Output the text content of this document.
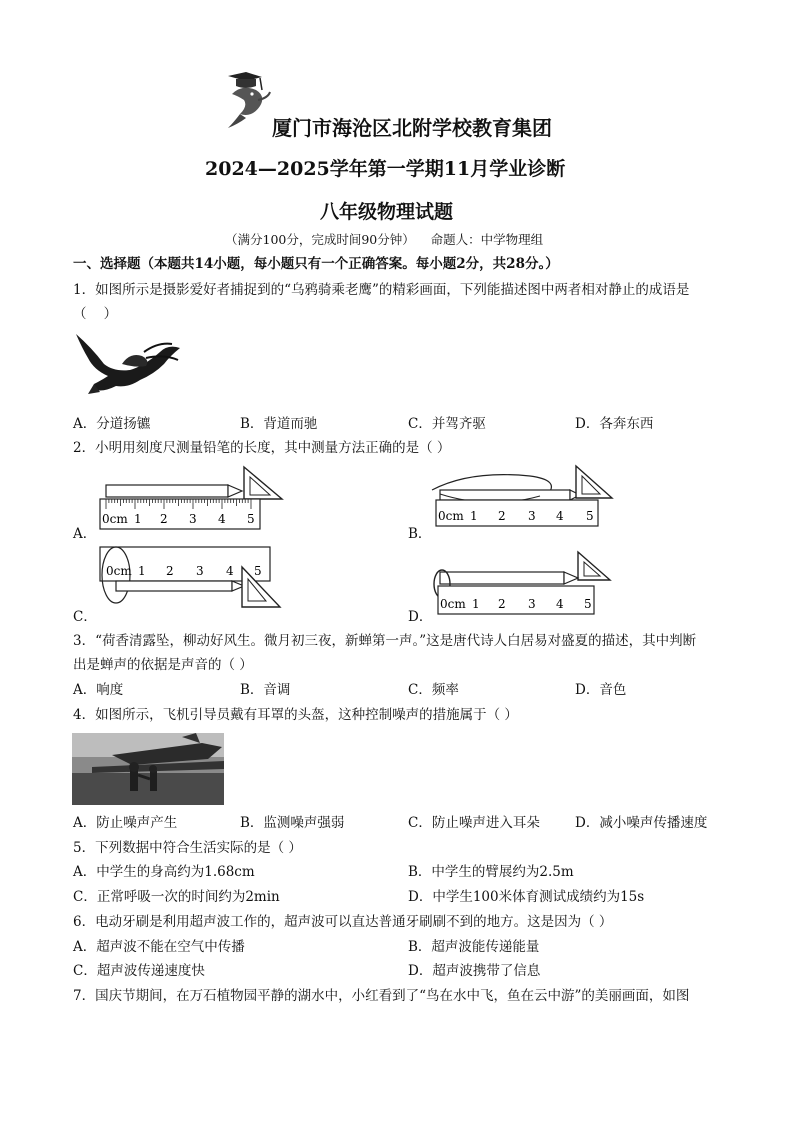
厦门市海沧区北附学校教育集团
2024—2025学年第一学期11月学业诊断
八年级物理试题
（满分100分，完成时间90分钟）    命题人：中学物理组
一、选择题（本题共14小题，每小题只有一个正确答案。每小题2分，共28分。）
1．如图所示是摄影爱好者捕捉到的“乌鸦骑乘老鹰”的精彩画面，下列能描述图中两者相对静止的成语是
（    ）
A．分道扬镳	B．背道而驰	C．并驾齐驱	D．各奔东西
2．小明用刻度尺测量铅笔的长度，其中测量方法正确的是（ ）
0cm 1 2 3 4 5
A．
0cm 1 2 3 4 5
B．
0cm 1 2 3 4 5
C．
0cm 1 2 3 4 5
D．
3．“荷香清露坠，柳动好风生。微月初三夜，新蝉第一声。”这是唐代诗人白居易对盛夏的描述，其中判断
出是蝉声的依据是声音的（ ）
A．响度	B．音调	C．频率	D．音色
4．如图所示，飞机引导员戴有耳罩的头盔，这种控制噪声的措施属于（ ）
A．防止噪声产生	B．监测噪声强弱	C．防止噪声进入耳朵	D．减小噪声传播速度
5．下列数据中符合生活实际的是（ ）
A．中学生的身高约为1.68cm	B．中学生的臂展约为2.5m
C．正常呼吸一次的时间约为2min	D．中学生100米体育测试成绩约为15s
6．电动牙刷是利用超声波工作的，超声波可以直达普通牙刷刷不到的地方。这是因为（ ）
A．超声波不能在空气中传播	B．超声波能传递能量
C．超声波传递速度快	D．超声波携带了信息
7．国庆节期间，在万石植物园平静的湖水中，小红看到了“鸟在水中飞，鱼在云中游”的美丽画面，如图
